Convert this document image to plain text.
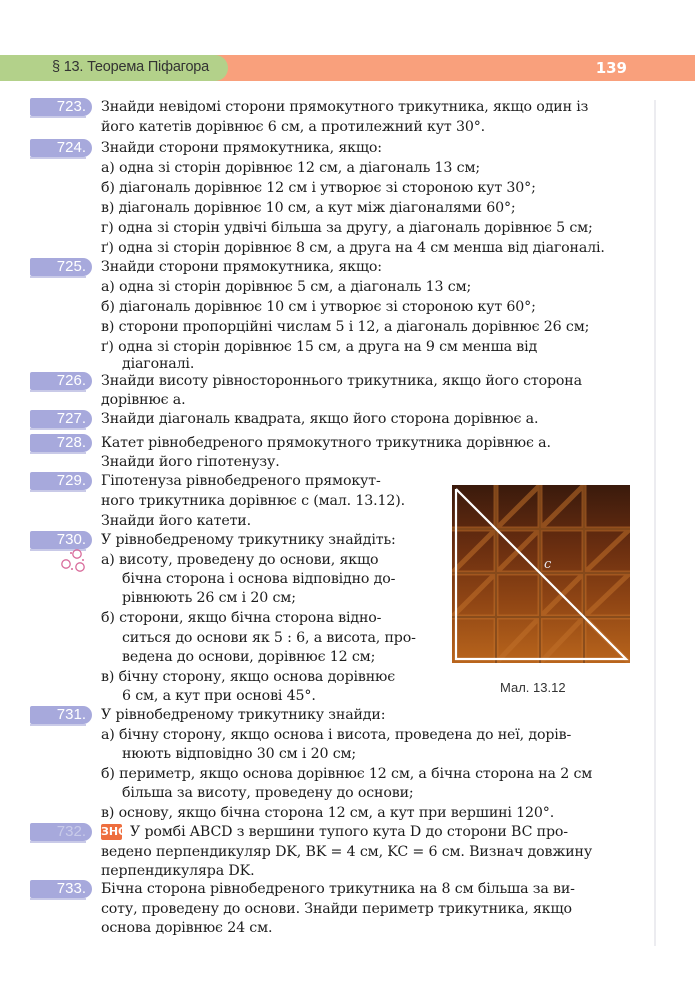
§ 13. Теорема Піфагора	139
723.	Знайди невідомі сторони прямокутного трикутника, якщо один із
його катетів дорівнює 6 см, а протилежний кут 30°.
724.	Знайди сторони прямокутника, якщо:
а) одна зі сторін дорівнює 12 см, а діагональ 13 см;
б) діагональ дорівнює 12 см і утворює зі стороною кут 30°;
в) діагональ дорівнює 10 см, а кут між діагоналями 60°;
г) одна зі сторін удвічі більша за другу, а діагональ дорівнює 5 см;
ґ) одна зі сторін дорівнює 8 см, а друга на 4 см менша від діагоналі.
725.	Знайди сторони прямокутника, якщо:
а) одна зі сторін дорівнює 5 см, а діагональ 13 см;
б) діагональ дорівнює 10 см і утворює зі стороною кут 60°;
в) сторони пропорційні числам 5 і 12, а діагональ дорівнює 26 см;
ґ) одна зі сторін дорівнює 15 см, а друга на 9 см менша від
діагоналі.
726.	Знайди висоту рівностороннього трикутника, якщо його сторона
дорівнює a.
727.	Знайди діагональ квадрата, якщо його сторона дорівнює a.
728.	Катет рівнобедреного прямокутного трикутника дорівнює a.
Знайди його гіпотенузу.
729.	Гіпотенуза рівнобедреного прямокут-
ного трикутника дорівнює c (мал. 13.12).
Знайди його катети.
730.	У рівнобедреному трикутнику знайдіть:
а) висоту, проведену до основи, якщо
бічна сторона і основа відповідно до-
рівнюють 26 см і 20 см;
б) сторони, якщо бічна сторона відно-
ситься до основи як 5 : 6, а висота, про-
ведена до основи, дорівнює 12 см;
в) бічну сторону, якщо основа дорівнює
6 см, а кут при основі 45°.
c
Мал. 13.12
731.	У рівнобедреному трикутнику знайди:
а) бічну сторону, якщо основа і висота, проведена до неї, дорів-
нюють відповідно 30 см і 20 см;
б) периметр, якщо основа дорівнює 12 см, а бічна сторона на 2 см
більша за висоту, проведену до основи;
в) основу, якщо бічна сторона 12 см, а кут при вершині 120°.
732.	ЗНО У ромбі ABCD з вершини тупого кута D до сторони BC про-
ведено перпендикуляр DK, BK = 4 см, KC = 6 см. Визнач довжину
перпендикуляра DK.
733.	Бічна сторона рівнобедреного трикутника на 8 см більша за ви-
соту, проведену до основи. Знайди периметр трикутника, якщо
основа дорівнює 24 см.
